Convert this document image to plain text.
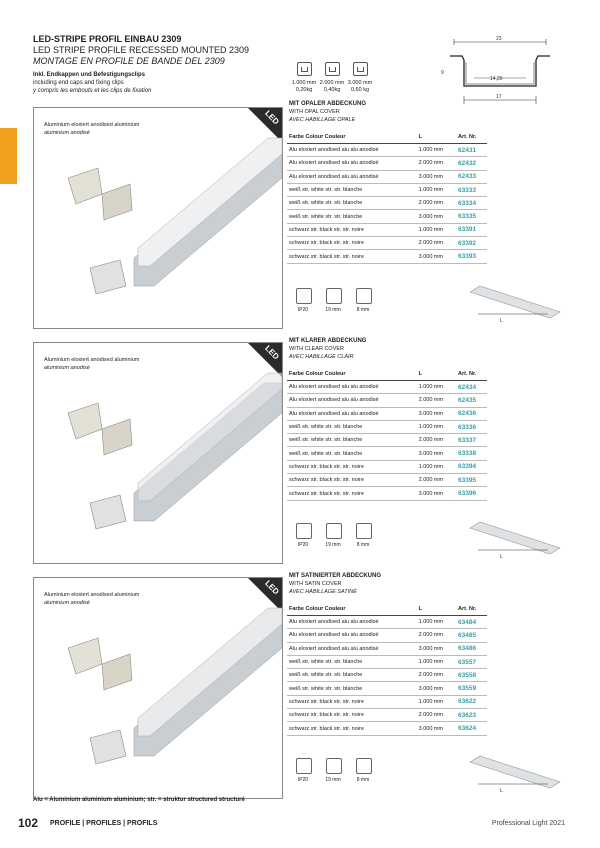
LED-STRIPE PROFIL EINBAU 2309
LED STRIPE PROFILE RECESSED MOUNTED 2309
MONTAGE EN PROFILE DE BANDE DEL 2309
Inkl. Endkappen und Befestigungsclips
including end caps and fixing clips
y compris les embouts et les clips de fixation
1.000 mm 2.000 mm 3.000 mm
0,20kg	0,40kg	0,60 kg
23
14,20
9
17
Aluminium eloxiert anodised aluminium
aluminium anodisé
LED
MIT OPALER ABDECKUNG
WITH OPAL COVER
AVEC HABILLAGE OPALE
Farbe Colour Couleur	L	Art. Nr.
Alu eloxiert anodised alu alu anodisé	1.000 mm	62431
Alu eloxiert anodised alu alu anodisé	2.000 mm	62432
Alu eloxiert anodised alu alu anodisé	3.000 mm	62433
weiß str. white str. str. blanche	1.000 mm	63333
weiß str. white str. str. blanche	2.000 mm	63334
weiß str. white str. str. blanche	3.000 mm	63335
schwarz str. black str. str. noire	1.000 mm	63391
schwarz str. black str. str. noire	2.000 mm	63392
schwarz str. black str. str. noire	3.000 mm	63393
IP20	19 mm	8 mm
L
Aluminium eloxiert anodised aluminium
aluminium anodisé
LED
MIT KLARER ABDECKUNG
WITH CLEAR COVER
AVEC HABILLAGE CLAIR
Farbe Colour Couleur	L	Art. Nr.
Alu eloxiert anodised alu alu anodisé	1.000 mm	62434
Alu eloxiert anodised alu alu anodisé	2.000 mm	62435
Alu eloxiert anodised alu alu anodisé	3.000 mm	62436
weiß str. white str. str. blanche	1.000 mm	63336
weiß str. white str. str. blanche	2.000 mm	63337
weiß str. white str. str. blanche	3.000 mm	63338
schwarz str. black str. str. noire	1.000 mm	63394
schwarz str. black str. str. noire	2.000 mm	63395
schwarz str. black str. str. noire	3.000 mm	63396
IP20	19 mm	8 mm
L
Aluminium eloxiert anodised aluminium
aluminium anodisé
LED
MIT SATINIERTER ABDECKUNG
WITH SATIN COVER
AVEC HABILLAGE SATINÉ
Farbe Colour Couleur	L	Art. Nr.
Alu eloxiert anodised alu alu anodisé	1.000 mm	63484
Alu eloxiert anodised alu alu anodisé	2.000 mm	63485
Alu eloxiert anodised alu alu anodisé	3.000 mm	63486
weiß str. white str. str. blanche	1.000 mm	63557
weiß str. white str. str. blanche	2.000 mm	63558
weiß str. white str. str. blanche	3.000 mm	63559
schwarz str. black str. str. noire	1.000 mm	63622
schwarz str. black str. str. noire	2.000 mm	63623
schwarz str. black str. str. noire	3.000 mm	63624
IP20	19 mm	8 mm
L
Alu = Aluminium aluminium aluminium; str. = struktur structured structuré
102 PROFILE | PROFILES | PROFILS	Professional Light 2021
